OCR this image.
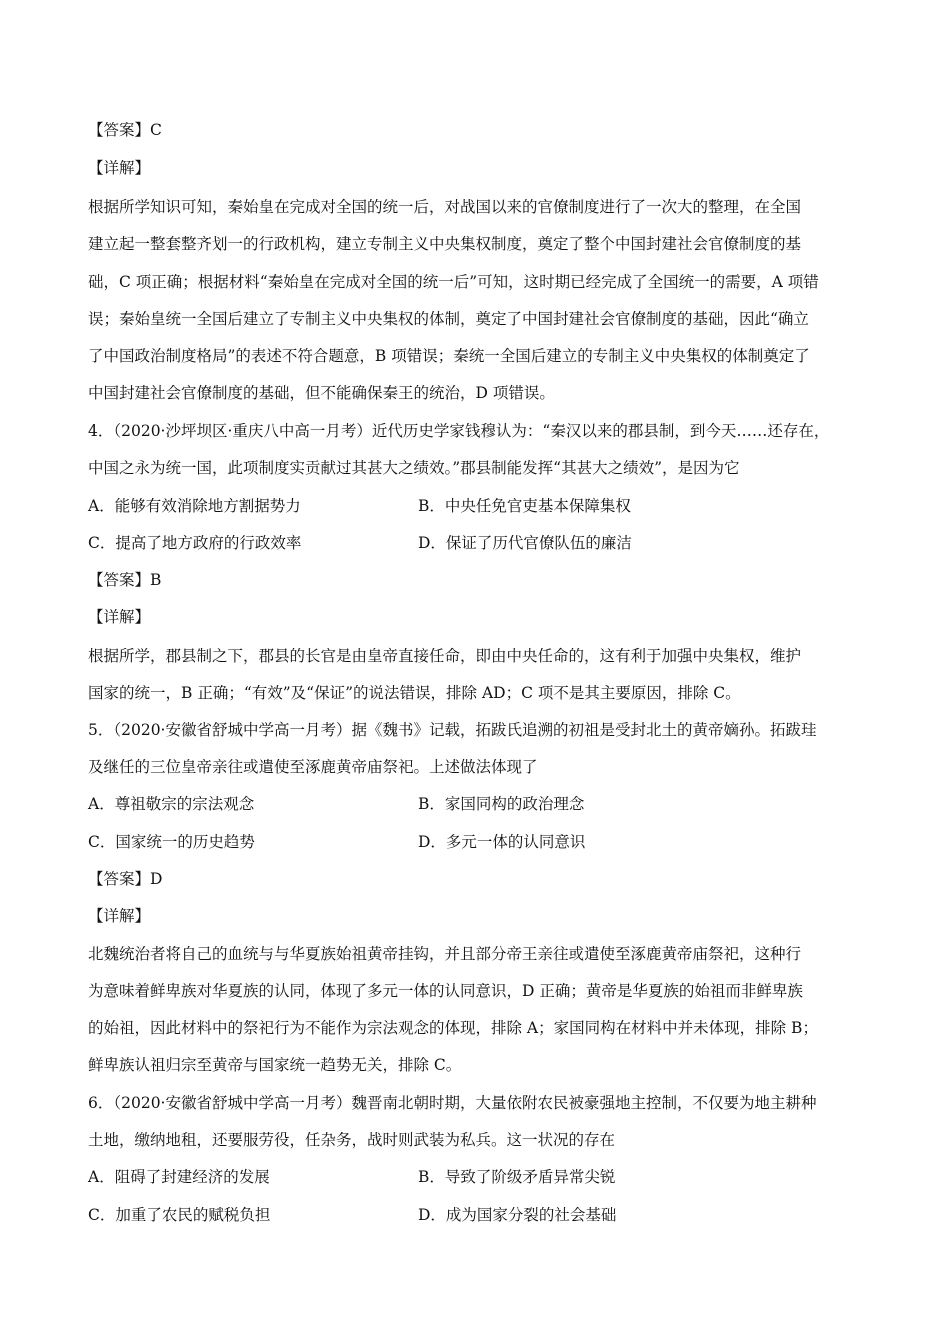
【答案】C
【详解】
根据所学知识可知，秦始皇在完成对全国的统一后，对战国以来的官僚制度进行了一次大的整理，在全国
建立起一整套整齐划一的行政机构，建立专制主义中央集权制度，奠定了整个中国封建社会官僚制度的基
础，C 项正确；根据材料“秦始皇在完成对全国的统一后”可知，这时期已经完成了全国统一的需要，A 项错
误；秦始皇统一全国后建立了专制主义中央集权的体制，奠定了中国封建社会官僚制度的基础，因此“确立
了中国政治制度格局”的表述不符合题意，B 项错误；秦统一全国后建立的专制主义中央集权的体制奠定了
中国封建社会官僚制度的基础，但不能确保秦王的统治，D 项错误。
4．（2020·沙坪坝区·重庆八中高一月考）近代历史学家钱穆认为：“秦汉以来的郡县制，到今天……还存在，
中国之永为统一国，此项制度实贡献过其甚大之绩效。”郡县制能发挥“其甚大之绩效”，是因为它
A．能够有效消除地方割据势力	B．中央任免官吏基本保障集权
C．提高了地方政府的行政效率	D．保证了历代官僚队伍的廉洁
【答案】B
【详解】
根据所学，郡县制之下，郡县的长官是由皇帝直接任命，即由中央任命的，这有利于加强中央集权，维护
国家的统一，B 正确；“有效”及“保证”的说法错误，排除 AD；C 项不是其主要原因，排除 C。
5．（2020·安徽省舒城中学高一月考）据《魏书》记载，拓跋氏追溯的初祖是受封北土的黄帝嫡孙。拓跋珪
及继任的三位皇帝亲往或遣使至涿鹿黄帝庙祭祀。上述做法体现了
A．尊祖敬宗的宗法观念	B．家国同构的政治理念
C．国家统一的历史趋势	D．多元一体的认同意识
【答案】D
【详解】
北魏统治者将自己的血统与与华夏族始祖黄帝挂钩，并且部分帝王亲往或遣使至涿鹿黄帝庙祭祀，这种行
为意味着鲜卑族对华夏族的认同，体现了多元一体的认同意识，D 正确；黄帝是华夏族的始祖而非鲜卑族
的始祖，因此材料中的祭祀行为不能作为宗法观念的体现，排除 A；家国同构在材料中并未体现，排除 B；
鲜卑族认祖归宗至黄帝与国家统一趋势无关，排除 C。
6．（2020·安徽省舒城中学高一月考）魏晋南北朝时期，大量依附农民被豪强地主控制，不仅要为地主耕种
土地，缴纳地租，还要服劳役，任杂务，战时则武装为私兵。这一状况的存在
A．阻碍了封建经济的发展	B．导致了阶级矛盾异常尖锐
C．加重了农民的赋税负担	D．成为国家分裂的社会基础
